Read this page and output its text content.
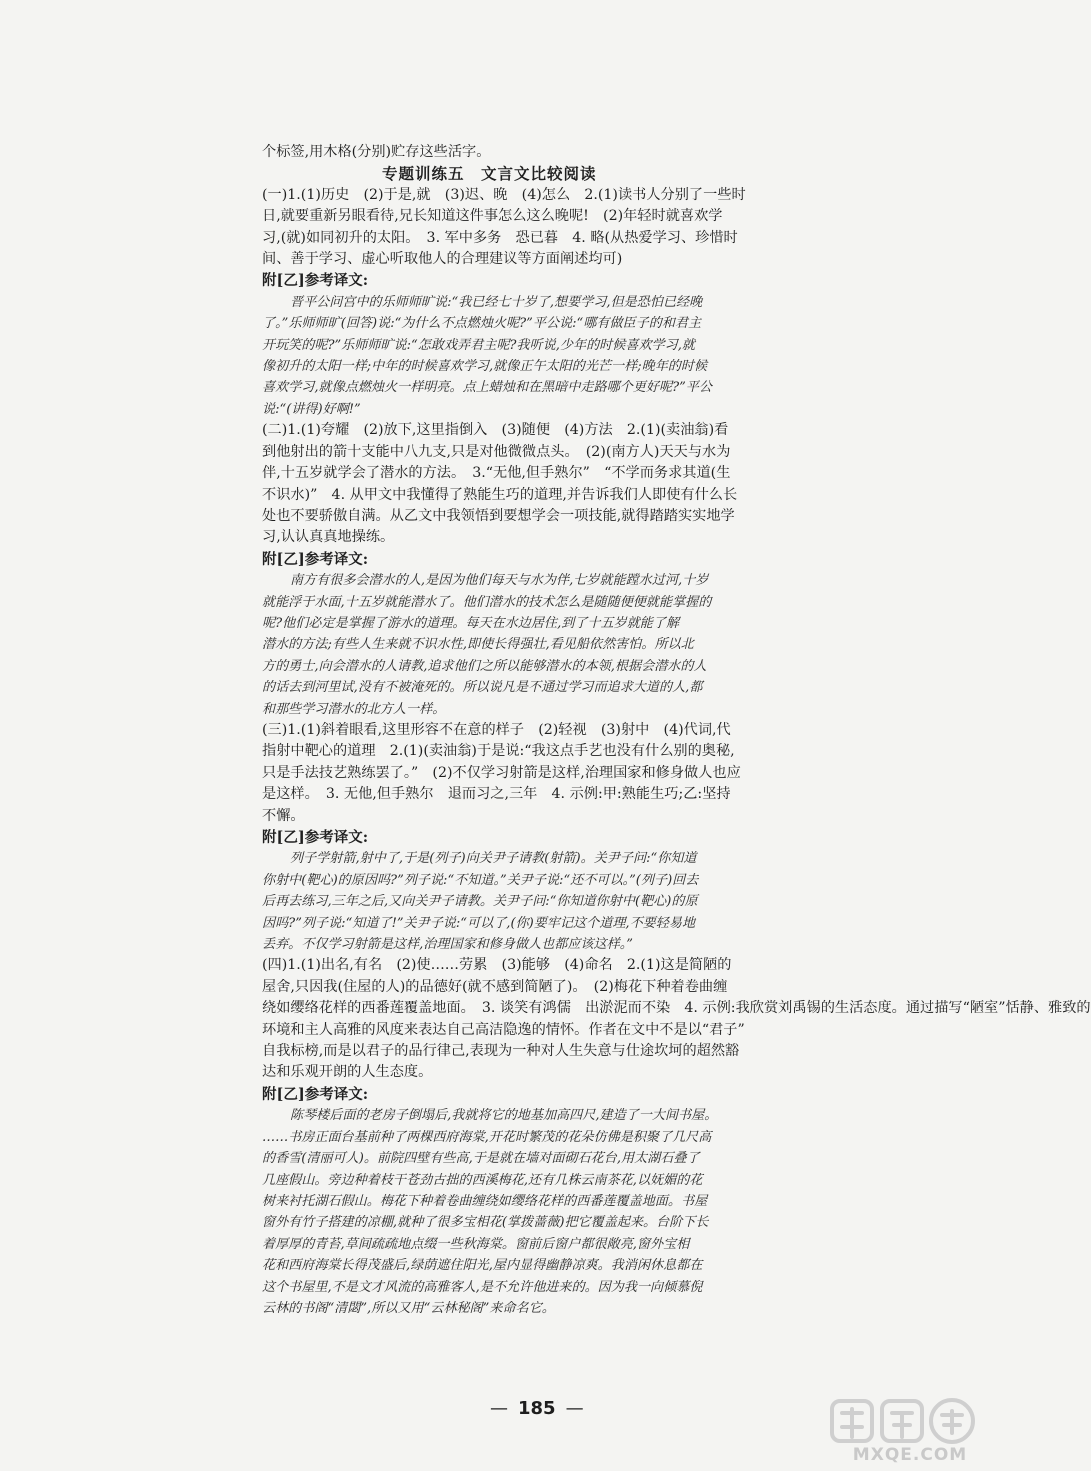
个标签,用木格(分别)贮存这些活字。

专题训练五　文言文比较阅读

(一)1.(1)历史　(2)于是,就　(3)迟、晚　(4)怎么　2.(1)读书人分别了一些时

日,就要重新另眼看待,兄长知道这件事怎么这么晚呢!　(2)年轻时就喜欢学

习,(就)如同初升的太阳。　3. 军中多务　恐已暮　4. 略(从热爱学习、珍惜时

间、善于学习、虚心听取他人的合理建议等方面阐述均可)

附[乙]参考译文:

晋平公问宫中的乐师师旷说:“我已经七十岁了,想要学习,但是恐怕已经晚

了。”乐师师旷(回答)说:“为什么不点燃烛火呢?”平公说:“哪有做臣子的和君主

开玩笑的呢?”乐师师旷说:“怎敢戏弄君主呢?我听说,少年的时候喜欢学习,就

像初升的太阳一样;中年的时候喜欢学习,就像正午太阳的光芒一样;晚年的时候

喜欢学习,就像点燃烛火一样明亮。点上蜡烛和在黑暗中走路哪个更好呢?”平公

说:“(讲得)好啊!”

(二)1.(1)夸耀　(2)放下,这里指倒入　(3)随便　(4)方法　2.(1)(卖油翁)看

到他射出的箭十支能中八九支,只是对他微微点头。　(2)(南方人)天天与水为

伴,十五岁就学会了潜水的方法。　3.“无他,但手熟尔”　“不学而务求其道(生

不识水)”　4. 从甲文中我懂得了熟能生巧的道理,并告诉我们人即使有什么长

处也不要骄傲自满。从乙文中我领悟到要想学会一项技能,就得踏踏实实地学

习,认认真真地操练。

附[乙]参考译文:

南方有很多会潜水的人,是因为他们每天与水为伴,七岁就能蹚水过河,十岁

就能浮于水面,十五岁就能潜水了。他们潜水的技术怎么是随随便便就能掌握的

呢?他们必定是掌握了游水的道理。每天在水边居住,到了十五岁就能了解

潜水的方法;有些人生来就不识水性,即使长得强壮,看见船依然害怕。所以北

方的勇士,向会潜水的人请教,追求他们之所以能够潜水的本领,根据会潜水的人

的话去到河里试,没有不被淹死的。所以说凡是不通过学习而追求大道的人,都

和那些学习潜水的北方人一样。

(三)1.(1)斜着眼看,这里形容不在意的样子　(2)轻视　(3)射中　(4)代词,代

指射中靶心的道理　2.(1)(卖油翁)于是说:“我这点手艺也没有什么别的奥秘,

只是手法技艺熟练罢了。”　(2)不仅学习射箭是这样,治理国家和修身做人也应

是这样。　3. 无他,但手熟尔　退而习之,三年　4. 示例:甲:熟能生巧;乙:坚持

不懈。

附[乙]参考译文:

列子学射箭,射中了,于是(列子)向关尹子请教(射箭)。关尹子问:“你知道

你射中(靶心)的原因吗?”列子说:“不知道。”关尹子说:“还不可以。”(列子)回去

后再去练习,三年之后,又向关尹子请教。关尹子问:“你知道你射中(靶心)的原

因吗?”列子说:“知道了!”关尹子说:“可以了,(你)要牢记这个道理,不要轻易地

丢弃。不仅学习射箭是这样,治理国家和修身做人也都应该这样。”

(四)1.(1)出名,有名　(2)使……劳累　(3)能够　(4)命名　2.(1)这是简陋的

屋舍,只因我(住屋的人)的品德好(就不感到简陋了)。　(2)梅花下种着卷曲缠

绕如缨络花样的西番莲覆盖地面。　3. 谈笑有鸿儒　出淤泥而不染　4. 示例:我欣赏刘禹锡的生活态度。通过描写“陋室”恬静、雅致的

环境和主人高雅的风度来表达自己高洁隐逸的情怀。作者在文中不是以“君子”

自我标榜,而是以君子的品行律己,表现为一种对人生失意与仕途坎坷的超然豁

达和乐观开朗的人生态度。

附[乙]参考译文:

陈琴楼后面的老房子倒塌后,我就将它的地基加高四尺,建造了一大间书屋。

……书房正面台基前种了两棵西府海棠,开花时繁茂的花朵仿佛是积聚了几尺高

的香雪(清丽可人)。前院四壁有些高,于是就在墙对面砌石花台,用太湖石叠了

几座假山。旁边种着枝干苍劲古拙的西溪梅花,还有几株云南茶花,以妩媚的花

树来衬托湖石假山。梅花下种着卷曲缠绕如缨络花样的西番莲覆盖地面。书屋

窗外有竹子搭建的凉棚,就种了很多宝相花(掌拨蔷薇)把它覆盖起来。台阶下长

着厚厚的青苔,草间疏疏地点缀一些秋海棠。窗前后窗户都很敞亮,窗外宝相

花和西府海棠长得茂盛后,绿荫遮住阳光,屋内显得幽静凉爽。我消闲休息都在

这个书屋里,不是文才风流的高雅客人,是不允许他进来的。因为我一向倾慕倪

云林的书阁“清閟”,所以又用“云林秘阁”来命名它。

— 185 —
MXQE.COM
